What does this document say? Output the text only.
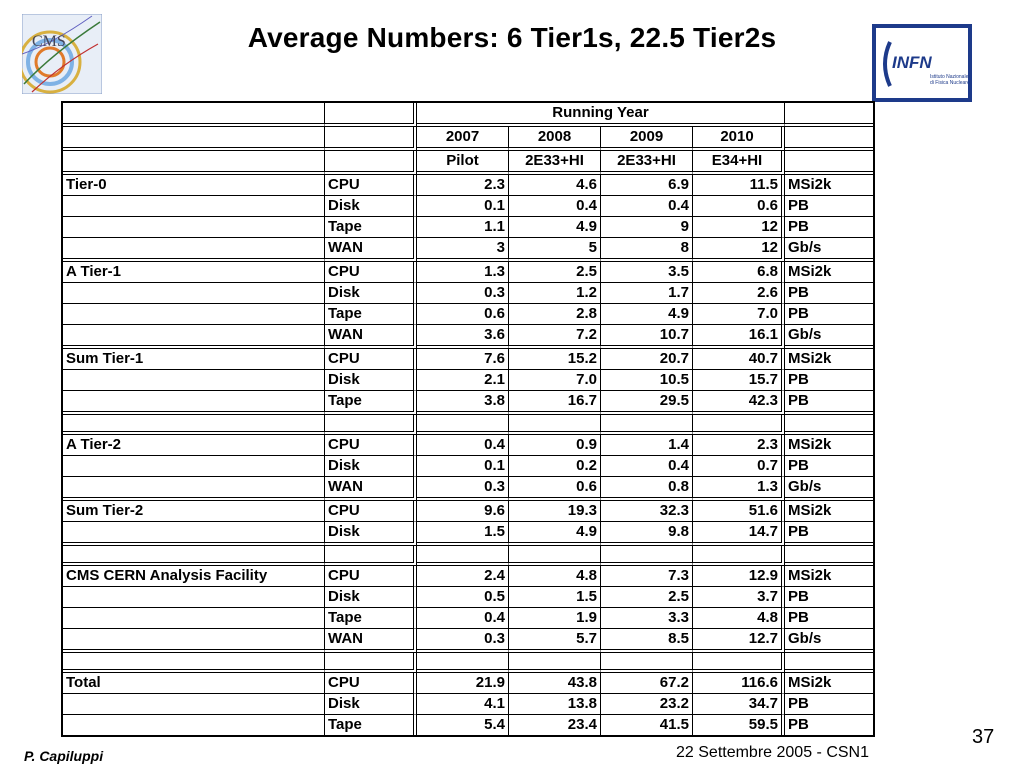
CMS	Average Numbers: 6 Tier1s, 22.5 Tier2s
INFN
Istituto Nazionale
di Fisica Nucleare
		Running Year				
		2007	2008	2009	2010	
		Pilot	2E33+HI	2E33+HI	E34+HI	
Tier-0	CPU	2.3	4.6	6.9	11.5	MSi2k
	Disk	0.1	0.4	0.4	0.6	PB
	Tape	1.1	4.9	9	12	PB
	WAN	3	5	8	12	Gb/s
A Tier-1	CPU	1.3	2.5	3.5	6.8	MSi2k
	Disk	0.3	1.2	1.7	2.6	PB
	Tape	0.6	2.8	4.9	7.0	PB
	WAN	3.6	7.2	10.7	16.1	Gb/s
Sum Tier-1	CPU	7.6	15.2	20.7	40.7	MSi2k
	Disk	2.1	7.0	10.5	15.7	PB
	Tape	3.8	16.7	29.5	42.3	PB

A Tier-2	CPU	0.4	0.9	1.4	2.3	MSi2k
	Disk	0.1	0.2	0.4	0.7	PB
	WAN	0.3	0.6	0.8	1.3	Gb/s
Sum Tier-2	CPU	9.6	19.3	32.3	51.6	MSi2k
	Disk	1.5	4.9	9.8	14.7	PB

CMS CERN Analysis Facility	CPU	2.4	4.8	7.3	12.9	MSi2k
	Disk	0.5	1.5	2.5	3.7	PB
	Tape	0.4	1.9	3.3	4.8	PB
	WAN	0.3	5.7	8.5	12.7	Gb/s

Total	CPU	21.9	43.8	67.2	116.6	MSi2k
	Disk	4.1	13.8	23.2	34.7	PB
	Tape	5.4	23.4	41.5	59.5	PB
37
P. Capiluppi	22 Settembre 2005 - CSN1
